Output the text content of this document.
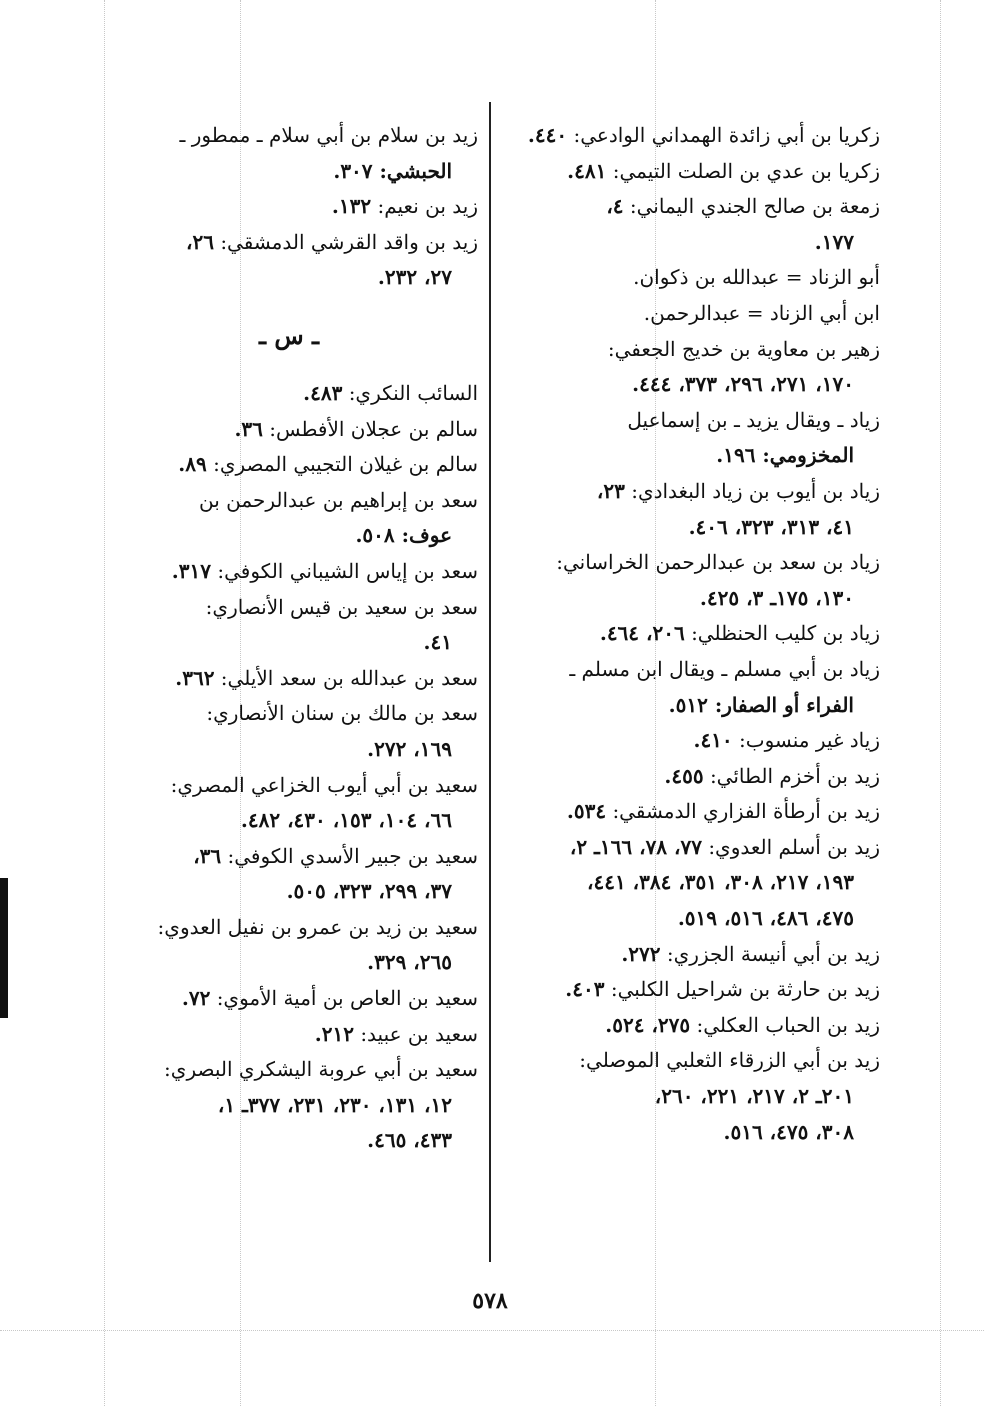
زكريا بن أبي زائدة الهمداني الوادعي: ٤٤٠.
زكريا بن عدي بن الصلت التيمي: ٤٨١.
زمعة بن صالح الجندي اليماني: ٤،
١٧٧.
أبو الزناد = عبدالله بن ذكوان.
ابن أبي الزناد = عبدالرحمن.
زهير بن معاوية بن خديج الجعفي:
١٧٠، ٢٧١، ٢٩٦، ٣٧٣، ٤٤٤.
زياد ـ ويقال يزيد ـ بن إسماعيل
المخزومي: ١٩٦.
زياد بن أيوب بن زياد البغدادي: ٢٣،
٤١، ٣١٣، ٣٢٣، ٤٠٦.
زياد بن سعد بن عبدالرحمن الخراساني:
١٣٠، ١٧٥ـ ٣، ٤٢٥.
زياد بن كليب الحنظلي: ٢٠٦، ٤٦٤.
زياد بن أبي مسلم ـ ويقال ابن مسلم ـ
الفراء أو الصفار: ٥١٢.
زياد غير منسوب: ٤١٠.
زيد بن أخزم الطائي: ٤٥٥.
زيد بن أرطأة الفزاري الدمشقي: ٥٣٤.
زيد بن أسلم العدوي: ٧٧، ٧٨، ١٦٦ـ ٢،
١٩٣، ٢١٧، ٣٠٨، ٣٥١، ٣٨٤، ٤٤١،
٤٧٥، ٤٨٦، ٥١٦، ٥١٩.
زيد بن أبي أنيسة الجزري: ٢٧٢.
زيد بن حارثة بن شراحيل الكلبي: ٤٠٣.
زيد بن الحباب العكلي: ٢٧٥، ٥٢٤.
زيد بن أبي الزرقاء الثعلبي الموصلي:
٢٠١ـ ٢، ٢١٧، ٢٢١، ٢٦٠،
٣٠٨، ٤٧٥، ٥١٦.
زيد بن سلام بن أبي سلام ـ ممطور ـ
الحبشي: ٣٠٧.
زيد بن نعيم: ١٣٢.
زيد بن واقد القرشي الدمشقي: ٢٦،
٢٧، ٢٣٢.
ـ س ـ
السائب النكري: ٤٨٣.
سالم بن عجلان الأفطس: ٣٦.
سالم بن غيلان التجيبي المصري: ٨٩.
سعد بن إبراهيم بن عبدالرحمن بن
عوف: ٥٠٨.
سعد بن إياس الشيباني الكوفي: ٣١٧.
سعد بن سعيد بن قيس الأنصاري:
٤١.
سعد بن عبدالله بن سعد الأيلي: ٣٦٢.
سعد بن مالك بن سنان الأنصاري:
١٦٩، ٢٧٢.
سعيد بن أبي أيوب الخزاعي المصري:
٦٦، ١٠٤، ١٥٣، ٤٣٠، ٤٨٢.
سعيد بن جبير الأسدي الكوفي: ٣٦،
٣٧، ٢٩٩، ٣٢٣، ٥٠٥.
سعيد بن زيد بن عمرو بن نفيل العدوي:
٢٦٥، ٣٢٩.
سعيد بن العاص بن أمية الأموي: ٧٢.
سعيد بن عبيد: ٢١٢.
سعيد بن أبي عروبة اليشكري البصري:
١٢، ١٣١، ٢٣٠، ٢٣١، ٣٧٧ـ ١،
٤٣٣، ٤٦٥.
٥٧٨
